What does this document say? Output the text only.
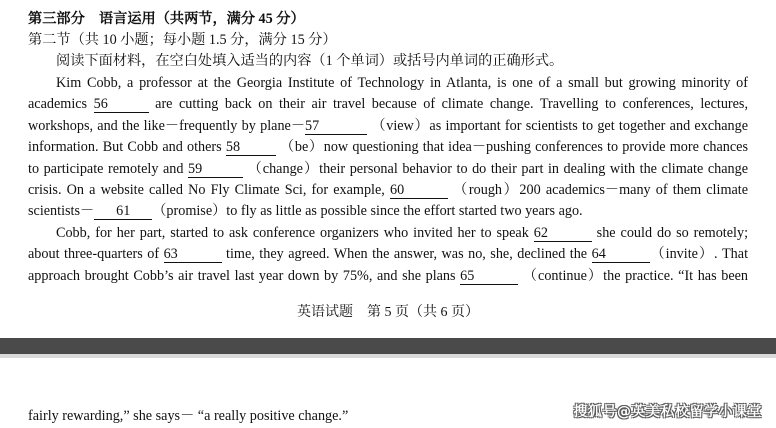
第三部分　语言运用（共两节，满分 45 分）
第二节（共 10 小题；每小题 1.5 分，满分 15 分）
阅读下面材料，在空白处填入适当的内容（1 个单词）或括号内单词的正确形式。
Kim Cobb, a professor at the Georgia Institute of Technology in Atlanta, is one of a small but growing minority of
academics 56	are cutting back on their air travel because of climate change. Travelling to conferences, lectures,
workshops, and the like－frequently by plane－57	（view）as important for scientists to get together and exchange
information. But Cobb and others 58	（be）now questioning that idea－pushing conferences to provide more chances
to participate remotely and 59	（change）their personal behavior to do their part in dealing with the climate change
crisis. On a website called No Fly Climate Sci, for example, 60	（rough）200 academics－many of them climate
scientists－ 61 （promise）to fly as little as possible since the effort started two years ago.
Cobb, for her part, started to ask conference organizers who invited her to speak 62	she could do so remotely;
about three-quarters of 63	time, they agreed. When the answer, was no, she, declined the 64	（invite）. That
approach brought Cobb’s air travel last year down by 75%, and she plans 65	（continue）the practice. “It has been
英语试题　第 5 页（共 6 页）
fairly rewarding,” she says－ “a really positive change.”	搜狐号@英美私校留学小课堂
